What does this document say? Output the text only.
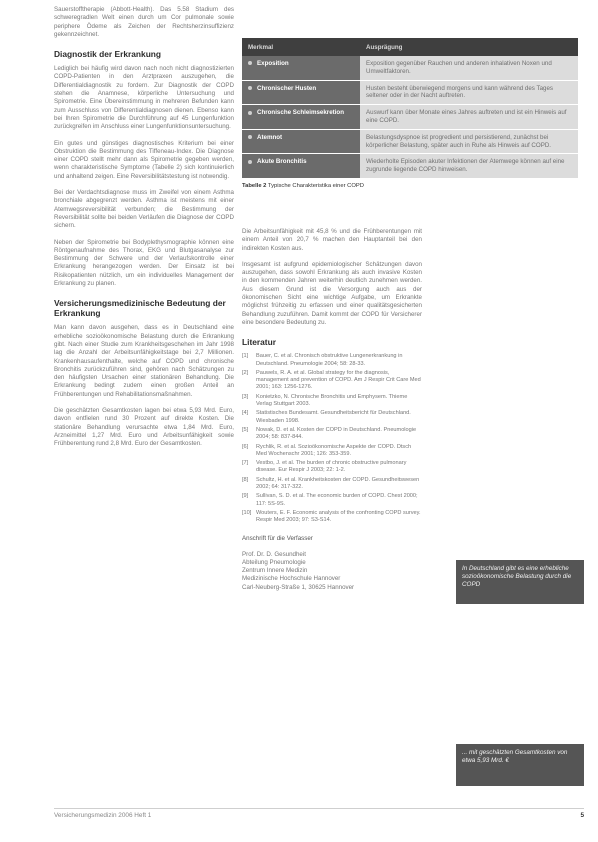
Sauerstofftherapie (Abbott-Health). Das 5.58 Stadium des schweregradlen Welt einen durch um Cor pulmonale sowie periphere Ödeme als Zeichen der Rechtsherzinsuffizienz gekennzeichnet.

Diagnostik der Erkrankung

Lediglich bei häufig wird davon nach noch nicht diagnostizierten COPD-Patienten in den Arztpraxen auszugehen, die Differentialdiagnostik zu fordern. Zur Diagnostik der COPD stehen die Anamnese, körperliche Untersuchung und Spirometrie. Eine Übereinstimmung in mehreren Befunden kann zum Ausschluss von Differentialdiagnosen dienen. Ebenso kann bei Ihren Spirometrie die Durchführung auf 45 Lungenfunktion zurückgreifen im Anschluss einer Lungenfunktionsuntersuchung.

Ein gutes und günstiges diagnostisches Kriterium bei einer Obstruktion die Bestimmung des Tiffeneau-Index. Die Diagnose einer COPD stellt mehr dann als Spirometrie gegeben werden, wenn charakteristische Symptome (Tabelle 2) sich kontinuierlich und anhaltend zeigen. Eine Reversibilitätstestung ist notwendig.

Bei der Verdachtsdiagnose muss im Zweifel von einem Asthma bronchiale abgegrenzt werden. Asthma ist meistens mit einer Atemwegsreversibilität verbunden; die Bestimmung der Reversibilität sollte bei beiden Verläufen die Diagnose der COPD sichern.

Neben der Spirometrie bei Bodyplethysmographie können eine Röntgenaufnahme des Thorax, EKG und Blutgasanalyse zur Bestimmung der Schwere und der Verlaufskontrolle einer Erkrankung herangezogen werden. Der Einsatz ist bei Risikopatienten nützlich, um ein individuelles Management der Erkrankung zu planen.

Versicherungsmedizinische Bedeutung der Erkrankung

Man kann davon ausgehen, dass es in Deutschland eine erhebliche sozioökonomische Belastung durch die Erkrankung gibt. Nach einer Studie zum Krankheitsgeschehen im Jahr 1998 lag die Anzahl der Arbeitsunfähigkeitstage bei 2,7 Millionen. Krankenhausaufenthalte, welche auf COPD und chronische Bronchitis zurückzuführen sind, gehören nach Schätzungen zu den häufigsten Ursachen einer stationären Behandlung. Die Erkrankung bedingt zudem einen großen Anteil an Frühberentungen und Rehabilitationsmaßnahmen.

Die geschätzten Gesamtkosten lagen bei etwa 5,93 Mrd. Euro, davon entfielen rund 30 Prozent auf direkte Kosten. Die stationäre Behandlung verursachte etwa 1,84 Mrd. Euro, Arzneimittel 1,27 Mrd. Euro und Arbeitsunfähigkeit sowie Frühberentung rund 2,8 Mrd. Euro der Gesamtkosten.

Merkmal	Ausprägung
Exposition	Exposition gegenüber Rauchen und anderen inhalativen Noxen und Umweltfaktoren.
Chronischer Husten	Husten besteht überwiegend morgens und kann während des Tages seltener oder in der Nacht auftreten.
Chronische Schleimsekretion	Auswurf kann über Monate eines Jahres auftreten und ist ein Hinweis auf eine COPD.
Atemnot	Belastungsdyspnoe ist progredient und persistierend, zunächst bei körperlicher Belastung, später auch in Ruhe als Hinweis auf COPD.
Akute Bronchitis	Wiederholte Episoden akuter Infektionen der Atemwege können auf eine zugrunde liegende COPD hinweisen.
Tabelle 2 Typische Charakteristika einer COPD

Die Arbeitsunfähigkeit mit 45,8 % und die Frühberentungen mit einem Anteil von 20,7 % machen den Hauptanteil bei den indirekten Kosten aus.

Insgesamt ist aufgrund epidemiologischer Schätzungen davon auszugehen, dass sowohl Erkrankung als auch invasive Kosten in den kommenden Jahren weiterhin deutlich zunehmen werden. Aus diesem Grund ist die Versorgung auch aus der ökonomischen Sicht eine wichtige Aufgabe, um Erkrankte möglichst frühzeitig zu erfassen und einer qualitätsgesicherten Behandlung zuzuführen. Damit kommt der COPD für Versicherer eine besondere Bedeutung zu.

Literatur
[1]	Bauer, C. et al. Chronisch obstruktive Lungenerkrankung in Deutschland. Pneumologie 2004; 58: 28-33.
[2]	Pauwels, R. A. et al. Global strategy for the diagnosis, management and prevention of COPD. Am J Respir Crit Care Med 2001; 163: 1256-1276.
[3]	Konietzko, N. Chronische Bronchitis und Emphysem. Thieme Verlag Stuttgart 2003.
[4]	Statistisches Bundesamt. Gesundheitsbericht für Deutschland. Wiesbaden 1998.
[5]	Nowak, D. et al. Kosten der COPD in Deutschland. Pneumologie 2004; 58: 837-844.
[6]	Rychlik, R. et al. Sozioökonomische Aspekte der COPD. Dtsch Med Wochenschr 2001; 126: 353-359.
[7]	Vestbo, J. et al. The burden of chronic obstructive pulmonary disease. Eur Respir J 2003; 22: 1-2.
[8]	Schultz, H. et al. Krankheitskosten der COPD. Gesundheitswesen 2002; 64: 317-322.
[9]	Sullivan, S. D. et al. The economic burden of COPD. Chest 2000; 117: 5S-9S.
[10] Wouters, E. F. Economic analysis of the confronting COPD survey. Respir Med 2003; 97: S3-S14.

Anschrift für die Verfasser

Prof. Dr. D. Gesundheit
Abteilung Pneumologie
Zentrum Innere Medizin
Medizinische Hochschule Hannover
Carl-Neuberg-Straße 1, 30625 Hannover
In Deutschland gibt es eine erhebliche sozioökonomische Belastung durch die COPD
... mit geschätzten Gesamtkosten von etwa 5,93 Mrd. €
Versicherungsmedizin 2006 Heft 1	5
